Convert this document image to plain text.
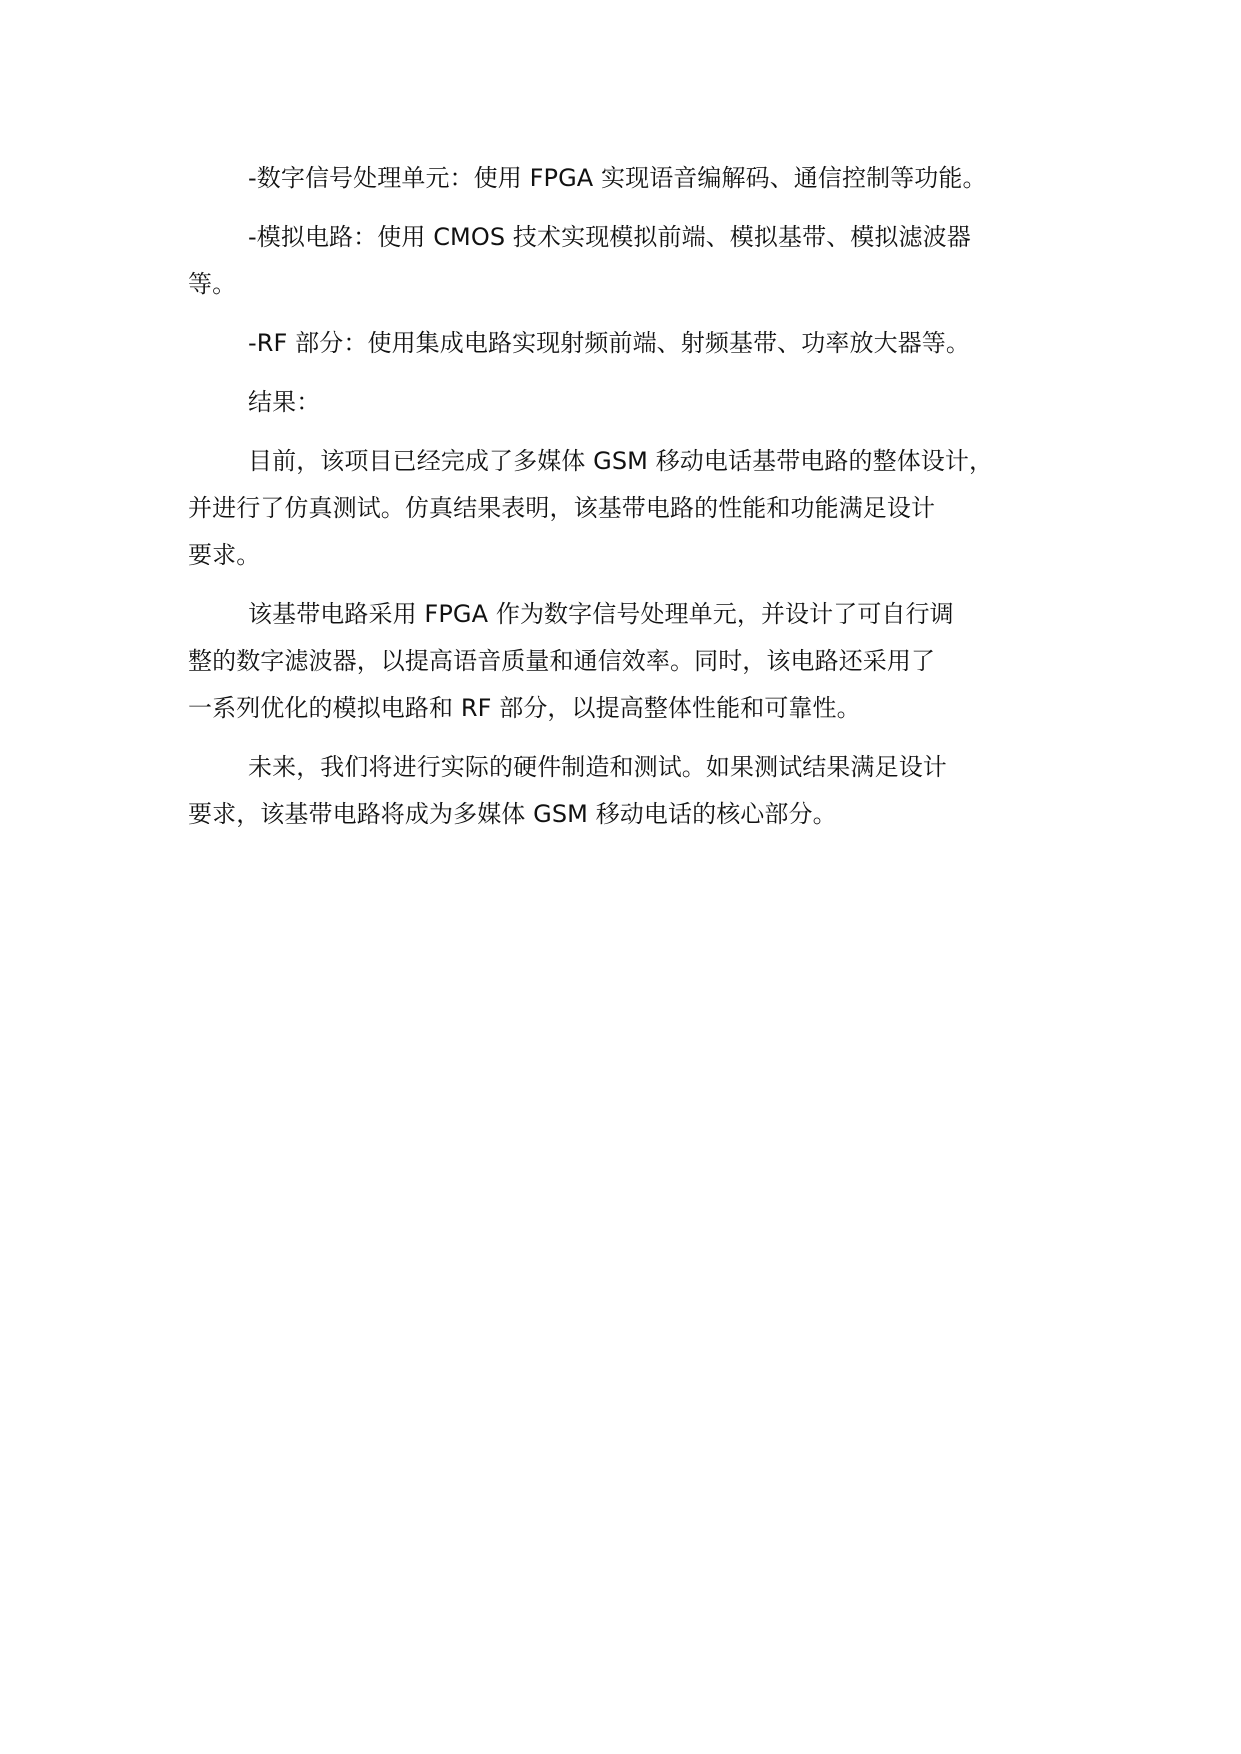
-数字信号处理单元：使用 FPGA 实现语音编解码、通信控制等功能。

-模拟电路：使用 CMOS 技术实现模拟前端、模拟基带、模拟滤波器
等。

-RF 部分：使用集成电路实现射频前端、射频基带、功率放大器等。

结果：

目前，该项目已经完成了多媒体 GSM 移动电话基带电路的整体设计，
并进行了仿真测试。仿真结果表明，该基带电路的性能和功能满足设计
要求。

该基带电路采用 FPGA 作为数字信号处理单元，并设计了可自行调
整的数字滤波器，以提高语音质量和通信效率。同时，该电路还采用了
一系列优化的模拟电路和 RF 部分，以提高整体性能和可靠性。

未来，我们将进行实际的硬件制造和测试。如果测试结果满足设计
要求，该基带电路将成为多媒体 GSM 移动电话的核心部分。
